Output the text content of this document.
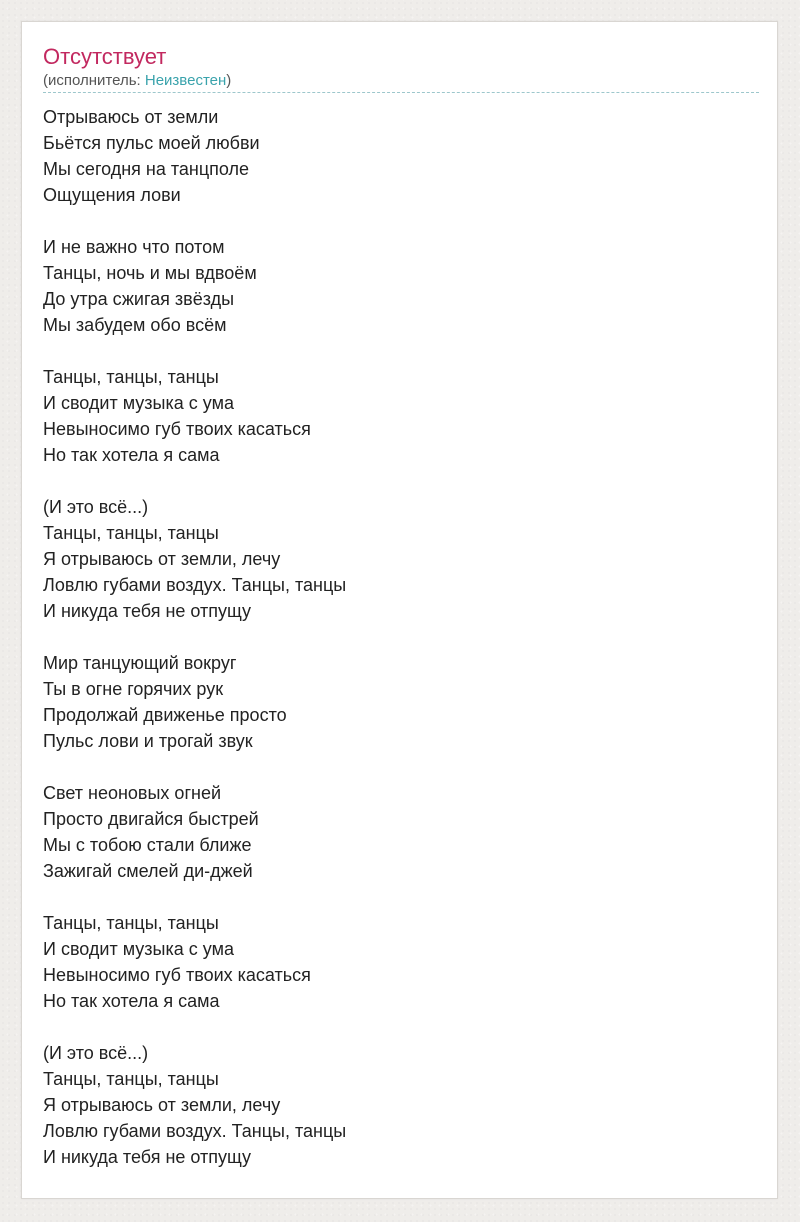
Отсутствует

(исполнитель: Неизвестен)

Отрываюсь от земли
Бьётся пульс моей любви
Мы сегодня на танцполе
Ощущения лови
И не важно что потом
Танцы, ночь и мы вдвоём
До утра сжигая звёзды
Мы забудем обо всём
Танцы, танцы, танцы
И сводит музыка с ума
Невыносимо губ твоих касаться
Но так хотела я сама
(И это всё...)
Танцы, танцы, танцы
Я отрываюсь от земли, лечу
Ловлю губами воздух. Танцы, танцы
И никуда тебя не отпущу
Мир танцующий вокруг
Ты в огне горячих рук
Продолжай движенье просто
Пульс лови и трогай звук
Свет неоновых огней
Просто двигайся быстрей
Мы с тобою стали ближе
Зажигай смелей ди-джей
Танцы, танцы, танцы
И сводит музыка с ума
Невыносимо губ твоих касаться
Но так хотела я сама
(И это всё...)
Танцы, танцы, танцы
Я отрываюсь от земли, лечу
Ловлю губами воздух. Танцы, танцы
И никуда тебя не отпущу
